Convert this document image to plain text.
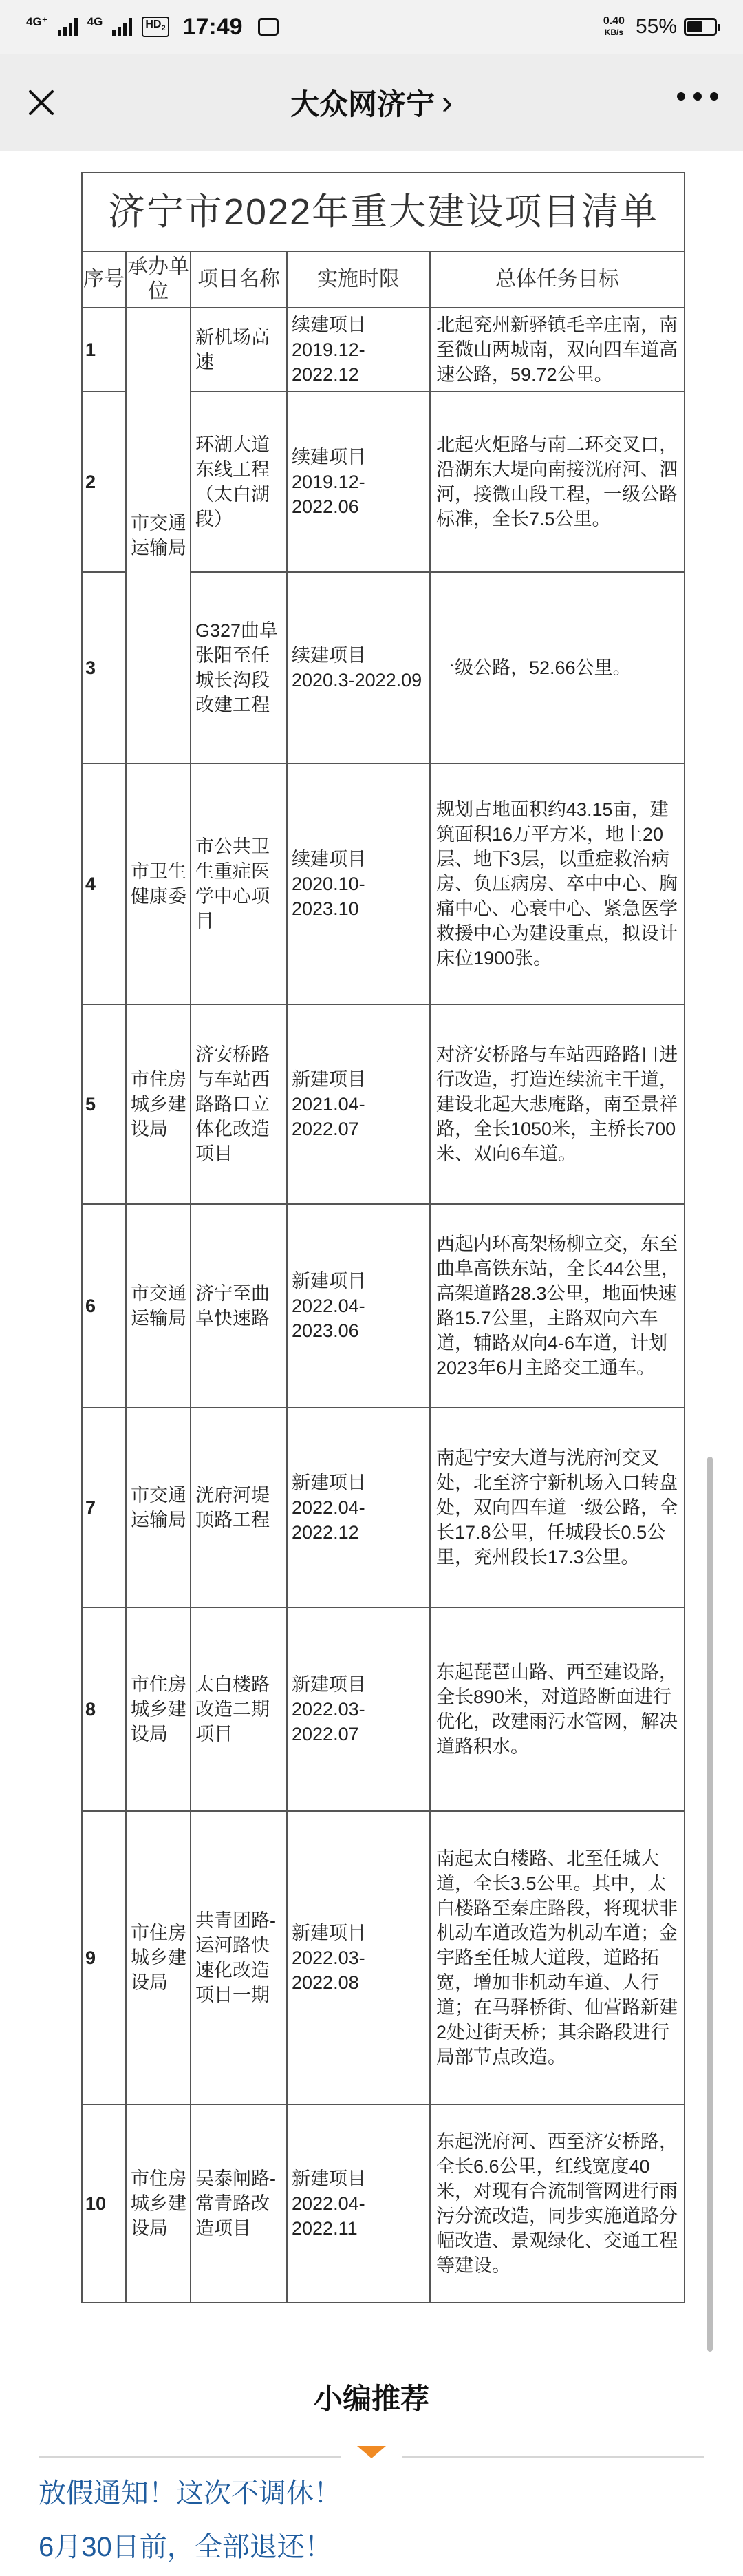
4G⁺	4G	$HD_2$ 17:49	0.40
KB/s 55%
大众网济宁 ›
济宁市2022年重大建设项目清单				
序号	承办单位	项目名称	实施时限	总体任务目标
1	市交通运输局	新机场高速	续建项目2019.12-2022.12	北起兖州新驿镇毛辛庄南，南至微山两城南，双向四车道高速公路，59.72公里。
2		环湖大道东线工程（太白湖段）	续建项目2019.12-2022.06	北起火炬路与南二环交叉口，沿湖东大堤向南接洸府河、泗河，接微山段工程，一级公路标准，全长7.5公里。
3		G327曲阜张阳至任城长沟段改建工程	续建项目2020.3-2022.09	一级公路，52.66公里。
4	市卫生健康委	市公共卫生重症医学中心项目	续建项目2020.10-2023.10	规划占地面积约43.15亩，建筑面积16万平方米，地上20层、地下3层，以重症救治病房、负压病房、卒中中心、胸痛中心、心衰中心、紧急医学救援中心为建设重点，拟设计床位1900张。
5	市住房城乡建设局	济安桥路与车站西路路口立体化改造项目	新建项目2021.04-2022.07	对济安桥路与车站西路路口进行改造，打造连续流主干道，建设北起大悲庵路，南至景祥路，全长1050米，主桥长700米、双向6车道。
6	市交通运输局	济宁至曲阜快速路	新建项目2022.04-2023.06	西起内环高架杨柳立交，东至曲阜高铁东站，全长44公里，高架道路28.3公里，地面快速路15.7公里，主路双向六车道，辅路双向4-6车道，计划2023年6月主路交工通车。
7	市交通运输局	洸府河堤顶路工程	新建项目2022.04-2022.12	南起宁安大道与洸府河交叉处，北至济宁新机场入口转盘处，双向四车道一级公路，全长17.8公里，任城段长0.5公里，兖州段长17.3公里。
8	市住房城乡建设局	太白楼路改造二期项目	新建项目2022.03-2022.07	东起琵琶山路、西至建设路，全长890米，对道路断面进行优化，改建雨污水管网，解决道路积水。
9	市住房城乡建设局	共青团路-运河路快速化改造项目一期	新建项目2022.03-2022.08	南起太白楼路、北至任城大道，全长3.5公里。其中，太白楼路至秦庄路段，将现状非机动车道改造为机动车道；金宇路至任城大道段，道路拓宽，增加非机动车道、人行道；在马驿桥街、仙营路新建2处过街天桥；其余路段进行局部节点改造。
10	市住房城乡建设局	吴泰闸路-常青路改造项目	新建项目2022.04-2022.11	东起洸府河、西至济安桥路，全长6.6公里，红线宽度40米，对现有合流制管网进行雨污分流改造，同步实施道路分幅改造、景观绿化、交通工程等建设。
小编推荐
放假通知！这次不调休！
6月30日前，全部退还！
